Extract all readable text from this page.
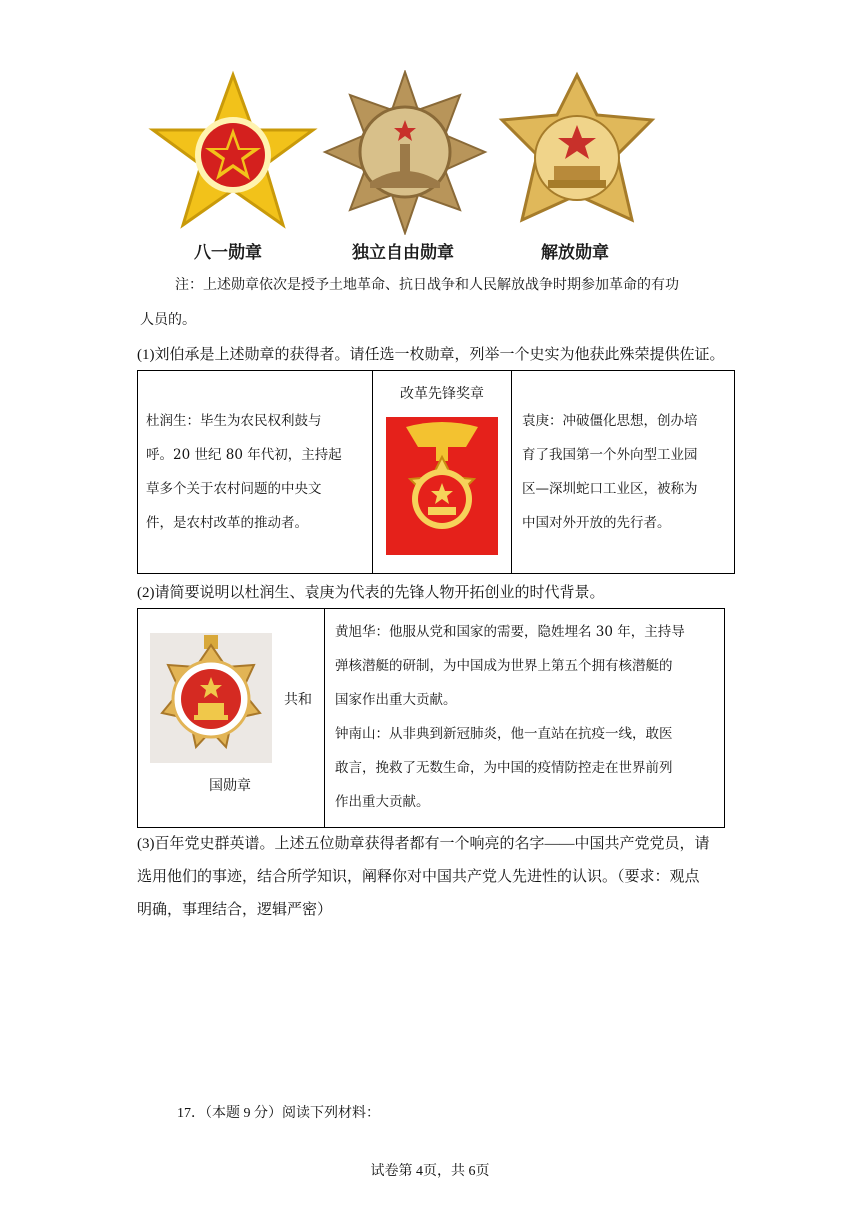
八一勋章	独立自由勋章	解放勋章
注：上述勋章依次是授予土地革命、抗日战争和人民解放战争时期参加革命的有功
人员的。
(1)刘伯承是上述勋章的获得者。请任选一枚勋章，列举一个史实为他获此殊荣提供佐证。
杜润生：毕生为农民权利鼓与
呼。20 世纪 80 年代初，主持起
草多个关于农村问题的中央文
件，是农村改革的推动者。

改革先锋奖章

袁庚：冲破僵化思想，创办培
育了我国第一个外向型工业园
区—深圳蛇口工业区，被称为
中国对外开放的先行者。
(2)请简要说明以杜润生、袁庚为代表的先锋人物开拓创业的时代背景。
共和
国勋章

黄旭华：他服从党和国家的需要，隐姓埋名 30 年，主持导
弹核潜艇的研制，为中国成为世界上第五个拥有核潜艇的
国家作出重大贡献。
钟南山：从非典到新冠肺炎，他一直站在抗疫一线，敢医
敢言，挽救了无数生命，为中国的疫情防控走在世界前列
作出重大贡献。
(3)百年党史群英谱。上述五位勋章获得者都有一个响亮的名字——中国共产党党员，请
选用他们的事迹，结合所学知识，阐释你对中国共产党人先进性的认识。（要求：观点
明确，事理结合，逻辑严密）
17．（本题 9 分）阅读下列材料：
试卷第 4页，共 6页
